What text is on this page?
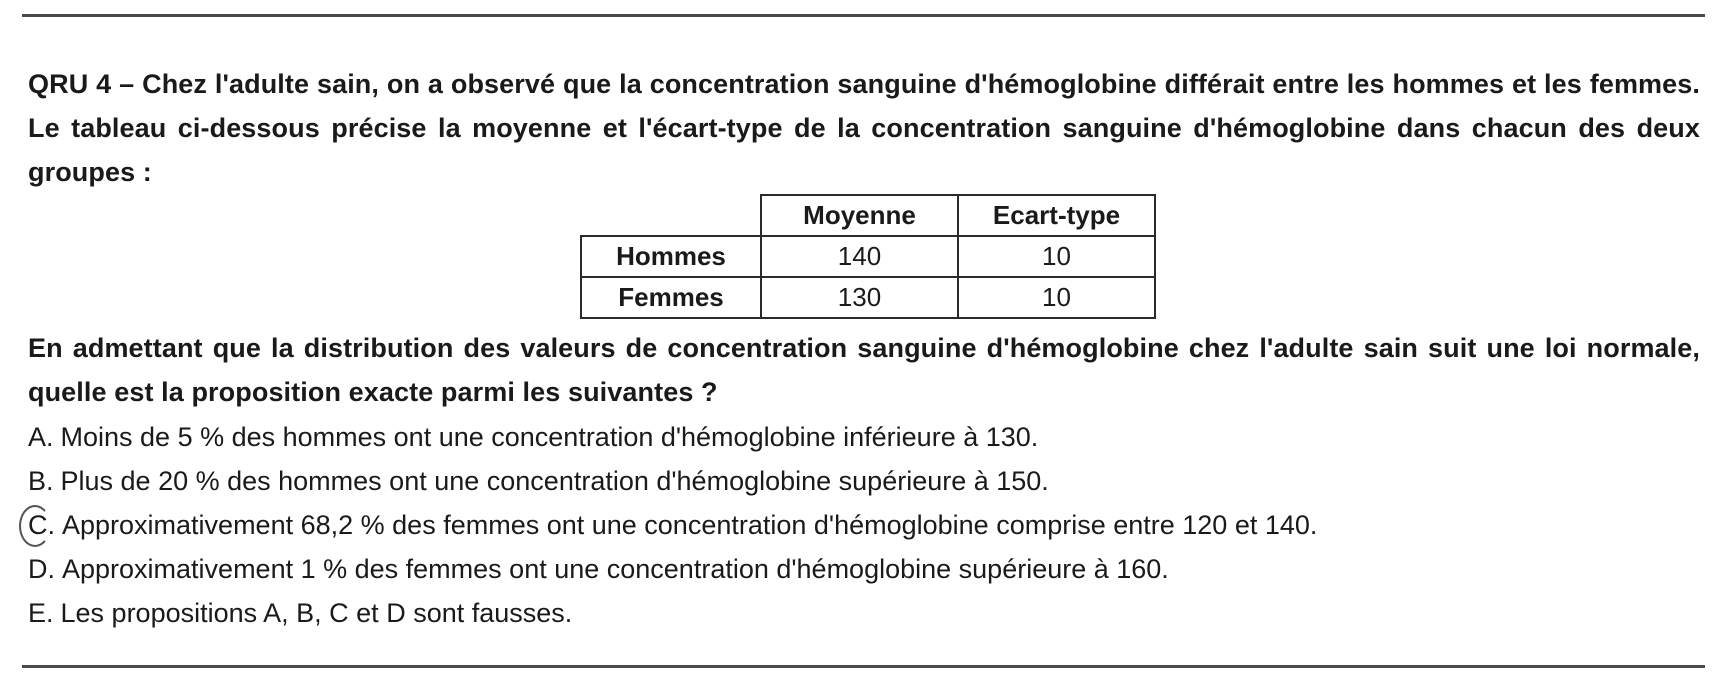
QRU 4 – Chez l'adulte sain, on a observé que la concentration sanguine d'hémoglobine différait entre les hommes et les femmes. Le tableau ci-dessous précise la moyenne et l'écart-type de la concentration sanguine d'hémoglobine dans chacun des deux groupes :
	Moyenne	Ecart-type
Hommes	140	10
Femmes	130	10
En admettant que la distribution des valeurs de concentration sanguine d'hémoglobine chez l'adulte sain suit une loi normale, quelle est la proposition exacte parmi les suivantes ?
A. Moins de 5 % des hommes ont une concentration d'hémoglobine inférieure à 130.
B. Plus de 20 % des hommes ont une concentration d'hémoglobine supérieure à 150.
C. Approximativement 68,2 % des femmes ont une concentration d'hémoglobine comprise entre 120 et 140.
D. Approximativement 1 % des femmes ont une concentration d'hémoglobine supérieure à 160.
E. Les propositions A, B, C et D sont fausses.
